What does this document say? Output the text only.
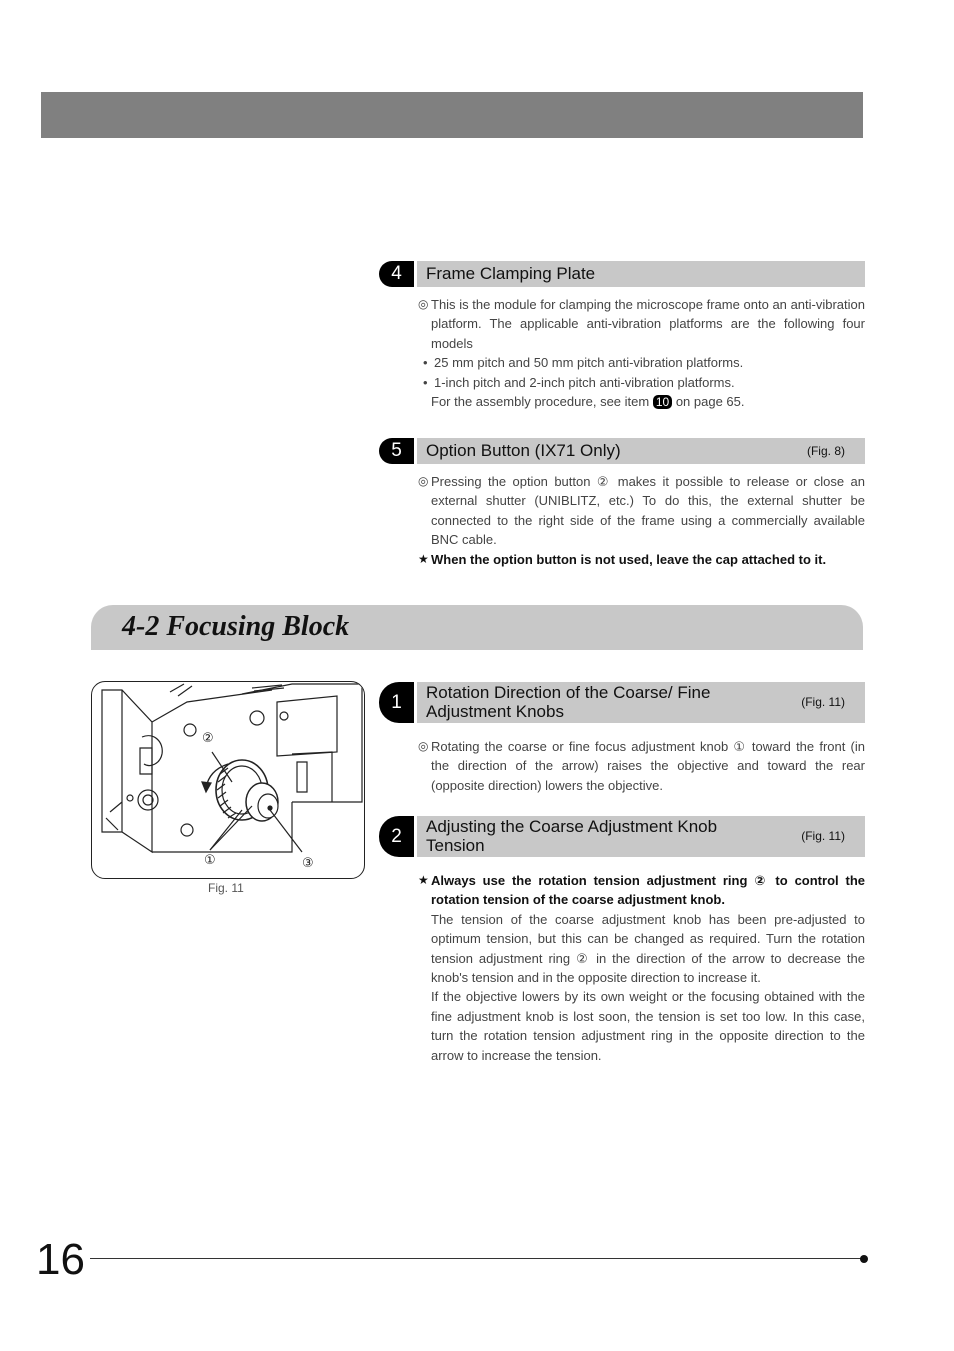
4	Frame Clamping Plate
◎ This is the module for clamping the microscope frame onto an anti-vibration platform. The applicable anti-vibration platforms are the following four models
• 25 mm pitch and 50 mm pitch anti-vibration platforms.
• 1-inch pitch and 2-inch pitch anti-vibration platforms.
For the assembly procedure, see item 10 on page 65.
5	Option Button (IX71 Only)	(Fig. 8)
◎ Pressing the option button ② makes it possible to release or close an external shutter (UNIBLITZ, etc.) To do this, the external shutter be connected to the right side of the frame using a commercially available BNC cable.
★ When the option button is not used, leave the cap attached to it.
4-2 Focusing Block
②
①	③
Fig. 11
1	Rotation Direction of the Coarse/ Fine Adjustment Knobs	(Fig. 11)
◎ Rotating the coarse or fine focus adjustment knob ① toward the front (in the direction of the arrow) raises the objective and toward the rear (opposite direction) lowers the objective.
2	Adjusting the Coarse Adjustment Knob Tension	(Fig. 11)
★ Always use the rotation tension adjustment ring ② to control the rotation tension of the coarse adjustment knob.
The tension of the coarse adjustment knob has been pre-adjusted to optimum tension, but this can be changed as required. Turn the rotation tension adjustment ring ② in the direction of the arrow to decrease the knob's tension and in the opposite direction to increase it.
If the objective lowers by its own weight or the focusing obtained with the fine adjustment knob is lost soon, the tension is set too low. In this case, turn the rotation tension adjustment ring in the opposite direction to the arrow to increase the tension.
16
